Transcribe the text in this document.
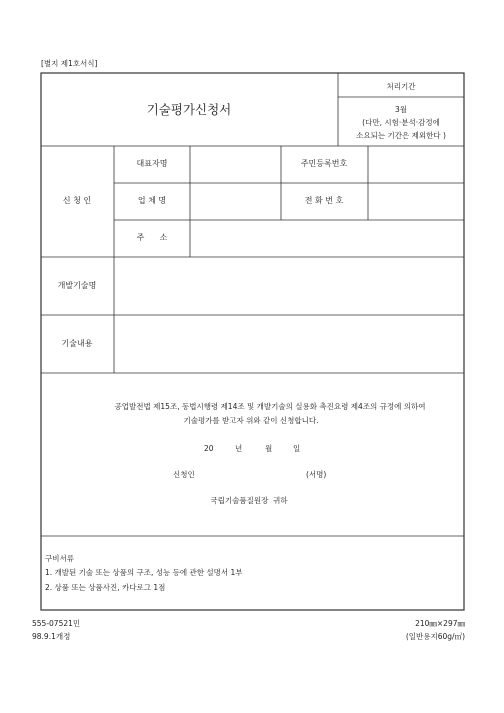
[별지 제1호서식]
기술평가신청서
처리기간
3월
(다만, 시험·분석·감정에
소요되는 기간은 제외한다 )
신 청 인
대표자명	주민등록번호
업 체 명	전 화 번 호
주      소
개발기술명
기술내용
공업발전법 제15조, 동법시행령 제14조 및 개발기술의 실용화 촉진요령 제4조의 규정에 의하여
기술평가를 받고자 위와 같이 신청합니다.
20	년	월	일
신청인	(서명)
국립기술품질원장  귀하
구비서류
1. 개발된 기술 또는 상품의 구조, 성능 등에 관한 설명서 1부
2. 상품 또는 상품사진, 카다로그 1점
555-07521민
98.9.1개정
210㎜×297㎜
(일반용지60g/㎡)
